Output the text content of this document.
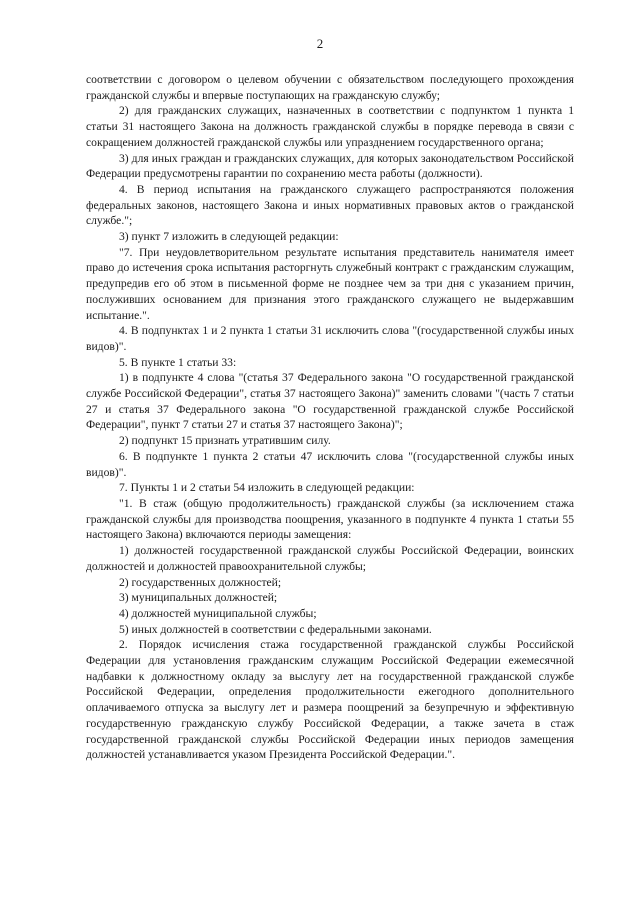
2

соответствии с договором о целевом обучении с обязательством последующего прохождения гражданской службы и впервые поступающих на гражданскую службу;

2) для гражданских служащих, назначенных в соответствии с подпунктом 1 пункта 1 статьи 31 настоящего Закона на должность гражданской службы в порядке перевода в связи с сокращением должностей гражданской службы или упразднением государственного органа;

3) для иных граждан и гражданских служащих, для которых законодательством Российской Федерации предусмотрены гарантии по сохранению места работы (должности).

4. В период испытания на гражданского служащего распространяются положения федеральных законов, настоящего Закона и иных нормативных правовых актов о гражданской службе.";

3) пункт 7 изложить в следующей редакции:

"7. При неудовлетворительном результате испытания представитель нанимателя имеет право до истечения срока испытания расторгнуть служебный контракт с гражданским служащим, предупредив его об этом в письменной форме не позднее чем за три дня с указанием причин, послуживших основанием для признания этого гражданского служащего не выдержавшим испытание.".

4. В подпунктах 1 и 2 пункта 1 статьи 31 исключить слова "(государственной службы иных видов)".

5. В пункте 1 статьи 33:

1) в подпункте 4 слова "(статья 37 Федерального закона "О государственной гражданской службе Российской Федерации", статья 37 настоящего Закона)" заменить словами "(часть 7 статьи 27 и статья 37 Федерального закона "О государственной гражданской службе Российской Федерации", пункт 7 статьи 27 и статья 37 настоящего Закона)";

2) подпункт 15 признать утратившим силу.

6. В подпункте 1 пункта 2 статьи 47 исключить слова "(государственной службы иных видов)".

7. Пункты 1 и 2 статьи 54 изложить в следующей редакции:

"1. В стаж (общую продолжительность) гражданской службы (за исключением стажа гражданской службы для производства поощрения, указанного в подпункте 4 пункта 1 статьи 55 настоящего Закона) включаются периоды замещения:

1) должностей государственной гражданской службы Российской Федерации, воинских должностей и должностей правоохранительной службы;

2) государственных должностей;

3) муниципальных должностей;

4) должностей муниципальной службы;

5) иных должностей в соответствии с федеральными законами.

2. Порядок исчисления стажа государственной гражданской службы Российской Федерации для установления гражданским служащим Российской Федерации ежемесячной надбавки к должностному окладу за выслугу лет на государственной гражданской службе Российской Федерации, определения продолжительности ежегодного дополнительного оплачиваемого отпуска за выслугу лет и размера поощрений за безупречную и эффективную государственную гражданскую службу Российской Федерации, а также зачета в стаж государственной гражданской службы Российской Федерации иных периодов замещения должностей устанавливается указом Президента Российской Федерации.".
